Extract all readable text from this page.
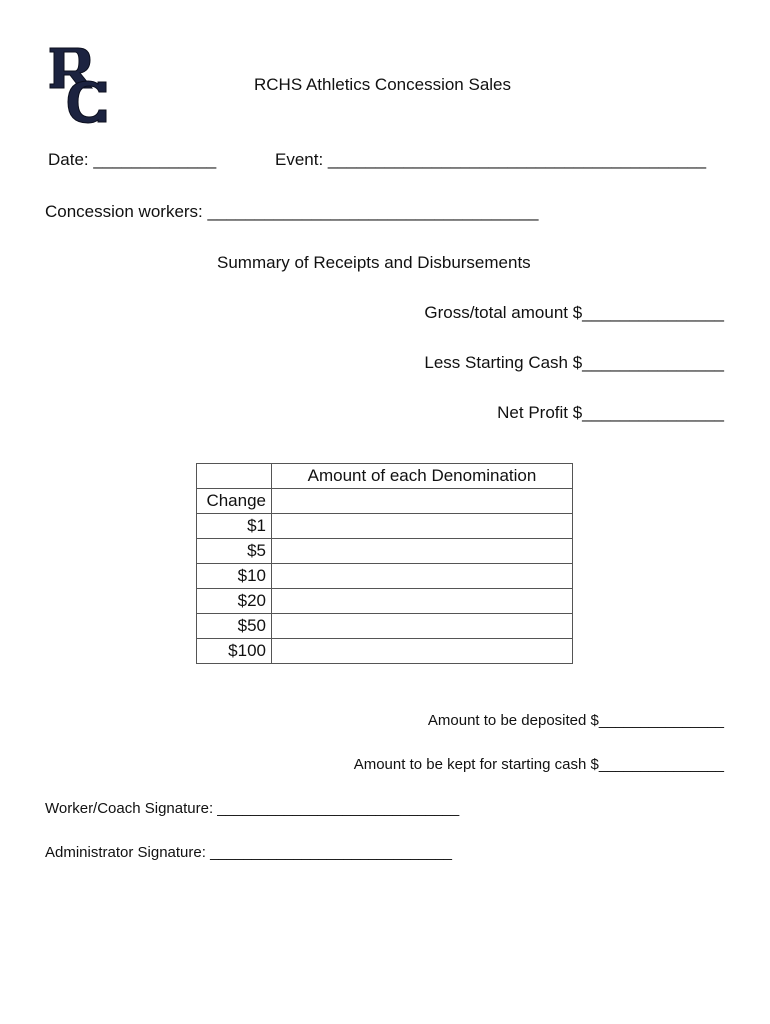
RCHS Athletics Concession Sales
Date: _____________	Event: ________________________________________
Concession workers: ___________________________________
Summary of Receipts and Disbursements
Gross/total amount $_______________
Less Starting Cash $_______________
Net Profit $_______________
	Amount of each Denomination
Change	
$1	
$5	
$10	
$20	
$50	
$100	
Amount to be deposited $_______________
Amount to be kept for starting cash $_______________
Worker/Coach Signature: _____________________________
Administrator Signature: _____________________________
